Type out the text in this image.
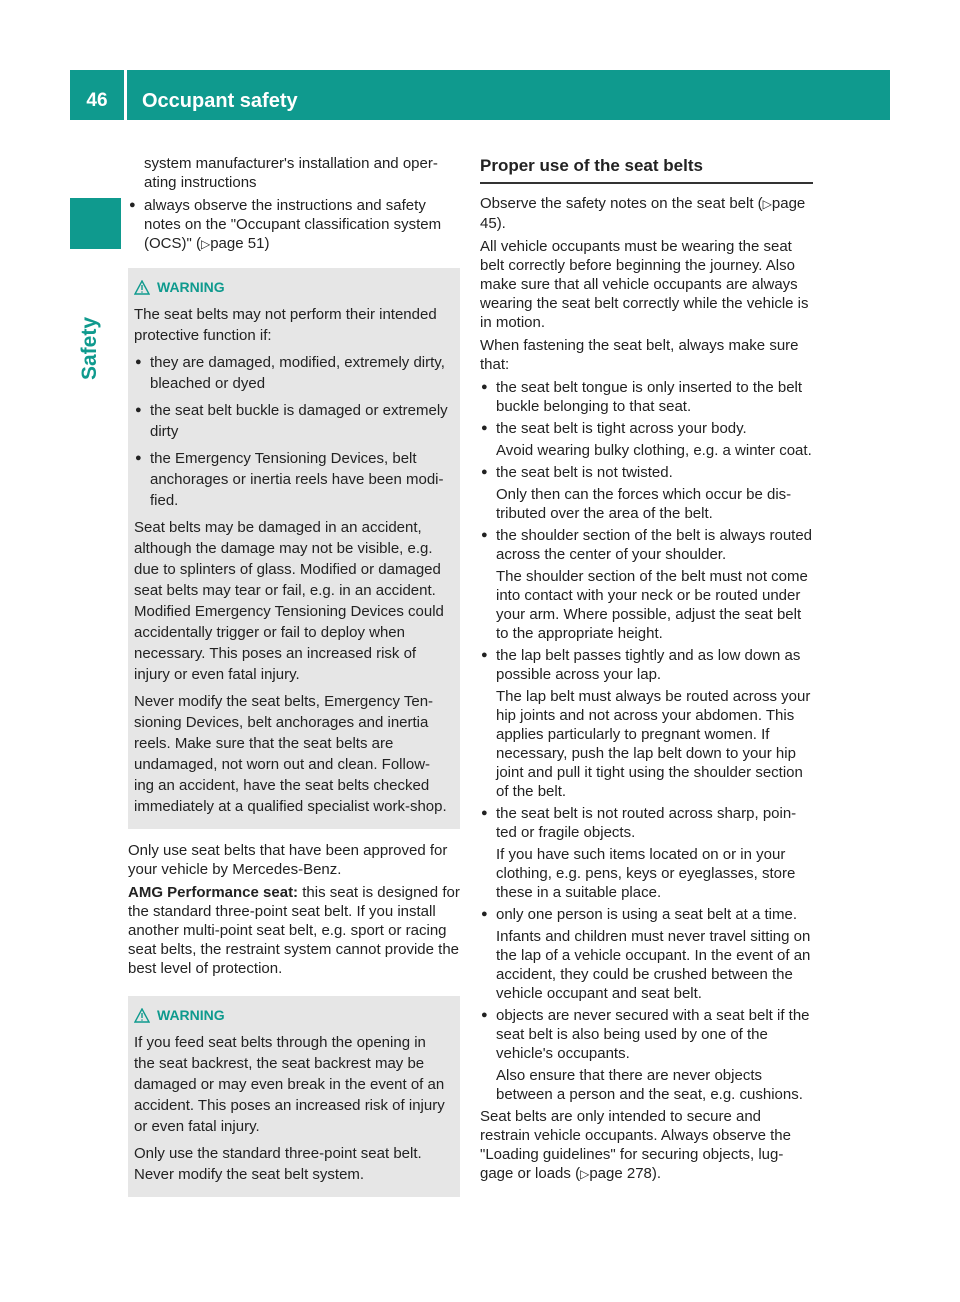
46	Occupant safety
Safety

system manufacturer's installation and oper-ating instructions

● always observe the instructions and safety notes on the "Occupant classification system (OCS)" (▷page 51)
WARNING

The seat belts may not perform their intended protective function if:

● they are damaged, modified, extremely dirty, bleached or dyed
● the seat belt buckle is damaged or extremely dirty
● the Emergency Tensioning Devices, belt anchorages or inertia reels have been modi-fied.

Seat belts may be damaged in an accident, although the damage may not be visible, e.g. due to splinters of glass. Modified or damaged seat belts may tear or fail, e.g. in an accident. Modified Emergency Tensioning Devices could accidentally trigger or fail to deploy when necessary. This poses an increased risk of injury or even fatal injury.

Never modify the seat belts, Emergency Ten-sioning Devices, belt anchorages and inertia reels. Make sure that the seat belts are undamaged, not worn out and clean. Follow-ing an accident, have the seat belts checked immediately at a qualified specialist work-shop.

Only use seat belts that have been approved for your vehicle by Mercedes-Benz.

AMG Performance seat: this seat is designed for the standard three-point seat belt. If you install another multi-point seat belt, e.g. sport or racing seat belts, the restraint system cannot provide the best level of protection.

WARNING

If you feed seat belts through the opening in the seat backrest, the seat backrest may be damaged or may even break in the event of an accident. This poses an increased risk of injury or even fatal injury.

Only use the standard three-point seat belt. Never modify the seat belt system.

Proper use of the seat belts

Observe the safety notes on the seat belt (▷page 45).

All vehicle occupants must be wearing the seat belt correctly before beginning the journey. Also make sure that all vehicle occupants are always wearing the seat belt correctly while the vehicle is in motion.

When fastening the seat belt, always make sure that:

● the seat belt tongue is only inserted to the belt buckle belonging to that seat.
● the seat belt is tight across your body.
Avoid wearing bulky clothing, e.g. a winter coat.
● the seat belt is not twisted.
Only then can the forces which occur be dis-tributed over the area of the belt.
● the shoulder section of the belt is always routed across the center of your shoulder.
The shoulder section of the belt must not come into contact with your neck or be routed under your arm. Where possible, adjust the seat belt to the appropriate height.
● the lap belt passes tightly and as low down as possible across your lap.
The lap belt must always be routed across your hip joints and not across your abdomen. This applies particularly to pregnant women. If necessary, push the lap belt down to your hip joint and pull it tight using the shoulder section of the belt.
● the seat belt is not routed across sharp, poin-ted or fragile objects.
If you have such items located on or in your clothing, e.g. pens, keys or eyeglasses, store these in a suitable place.
● only one person is using a seat belt at a time.
Infants and children must never travel sitting on the lap of a vehicle occupant. In the event of an accident, they could be crushed between the vehicle occupant and seat belt.
● objects are never secured with a seat belt if the seat belt is also being used by one of the vehicle's occupants.
Also ensure that there are never objects between a person and the seat, e.g. cushions.

Seat belts are only intended to secure and restrain vehicle occupants. Always observe the "Loading guidelines" for securing objects, lug-gage or loads (▷page 278).
